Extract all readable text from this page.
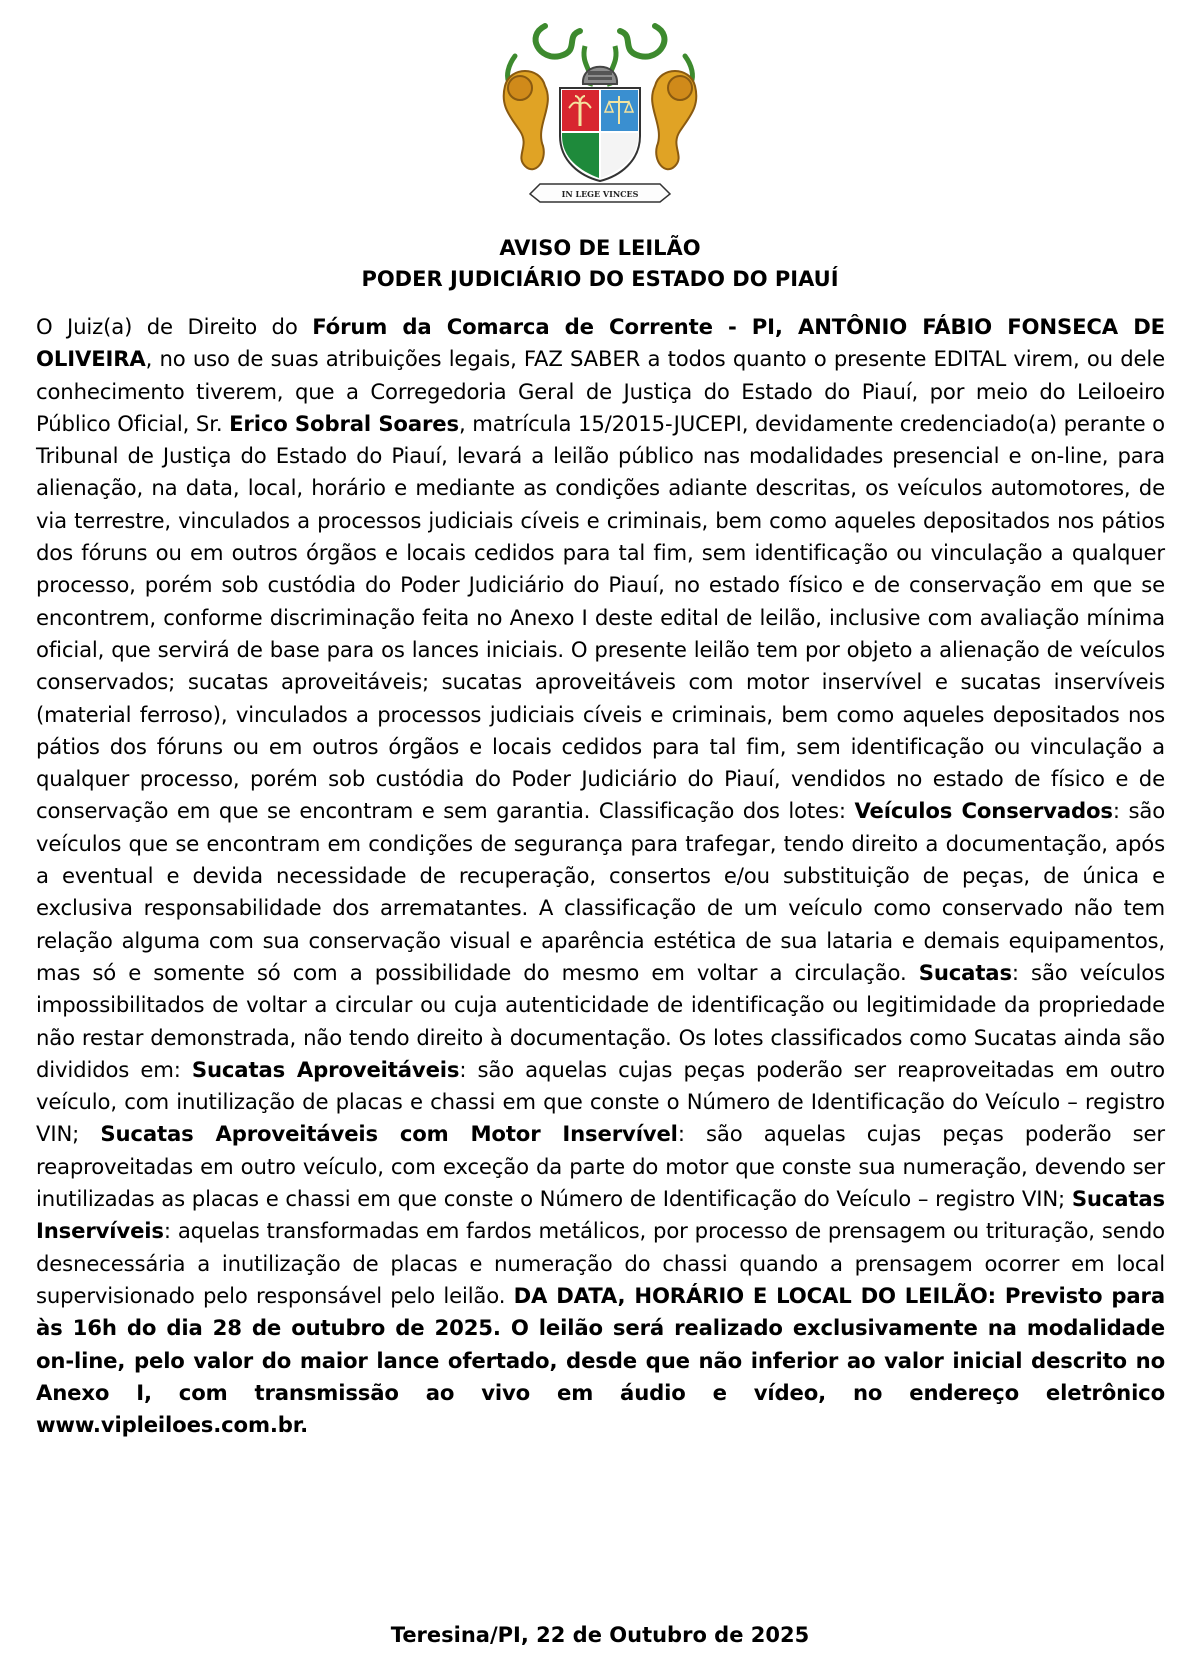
IN LEGE VINCES
AVISO DE LEILÃO
PODER JUDICIÁRIO DO ESTADO DO PIAUÍ
O Juiz(a) de Direito do Fórum da Comarca de Corrente - PI, ANTÔNIO FÁBIO FONSECA DE OLIVEIRA, no uso de suas atribuições legais, FAZ SABER a todos quanto o presente EDITAL virem, ou dele conhecimento tiverem, que a Corregedoria Geral de Justiça do Estado do Piauí, por meio do Leiloeiro Público Oficial, Sr. Erico Sobral Soares, matrícula 15/2015-JUCEPI, devidamente credenciado(a) perante o Tribunal de Justiça do Estado do Piauí, levará a leilão público nas modalidades presencial e on-line, para alienação, na data, local, horário e mediante as condições adiante descritas, os veículos automotores, de via terrestre, vinculados a processos judiciais cíveis e criminais, bem como aqueles depositados nos pátios dos fóruns ou em outros órgãos e locais cedidos para tal fim, sem identificação ou vinculação a qualquer processo, porém sob custódia do Poder Judiciário do Piauí, no estado físico e de conservação em que se encontrem, conforme discriminação feita no Anexo I deste edital de leilão, inclusive com avaliação mínima oficial, que servirá de base para os lances iniciais. O presente leilão tem por objeto a alienação de veículos conservados; sucatas aproveitáveis; sucatas aproveitáveis com motor inservível e sucatas inservíveis (material ferroso), vinculados a processos judiciais cíveis e criminais, bem como aqueles depositados nos pátios dos fóruns ou em outros órgãos e locais cedidos para tal fim, sem identificação ou vinculação a qualquer processo, porém sob custódia do Poder Judiciário do Piauí, vendidos no estado de físico e de conservação em que se encontram e sem garantia. Classificação dos lotes: Veículos Conservados: são veículos que se encontram em condições de segurança para trafegar, tendo direito a documentação, após a eventual e devida necessidade de recuperação, consertos e/ou substituição de peças, de única e exclusiva responsabilidade dos arrematantes. A classificação de um veículo como conservado não tem relação alguma com sua conservação visual e aparência estética de sua lataria e demais equipamentos, mas só e somente só com a possibilidade do mesmo em voltar a circulação. Sucatas: são veículos impossibilitados de voltar a circular ou cuja autenticidade de identificação ou legitimidade da propriedade não restar demonstrada, não tendo direito à documentação. Os lotes classificados como Sucatas ainda são divididos em: Sucatas Aproveitáveis: são aquelas cujas peças poderão ser reaproveitadas em outro veículo, com inutilização de placas e chassi em que conste o Número de Identificação do Veículo – registro VIN; Sucatas Aproveitáveis com Motor Inservível: são aquelas cujas peças poderão ser reaproveitadas em outro veículo, com exceção da parte do motor que conste sua numeração, devendo ser inutilizadas as placas e chassi em que conste o Número de Identificação do Veículo – registro VIN; Sucatas Inservíveis: aquelas transformadas em fardos metálicos, por processo de prensagem ou trituração, sendo desnecessária a inutilização de placas e numeração do chassi quando a prensagem ocorrer em local supervisionado pelo responsável pelo leilão. DA DATA, HORÁRIO E LOCAL DO LEILÃO: Previsto para às 16h do dia 28 de outubro de 2025. O leilão será realizado exclusivamente na modalidade on-line, pelo valor do maior lance ofertado, desde que não inferior ao valor inicial descrito no Anexo I, com transmissão ao vivo em áudio e vídeo, no endereço eletrônico www.vipleiloes.com.br.
Teresina/PI, 22 de Outubro de 2025
